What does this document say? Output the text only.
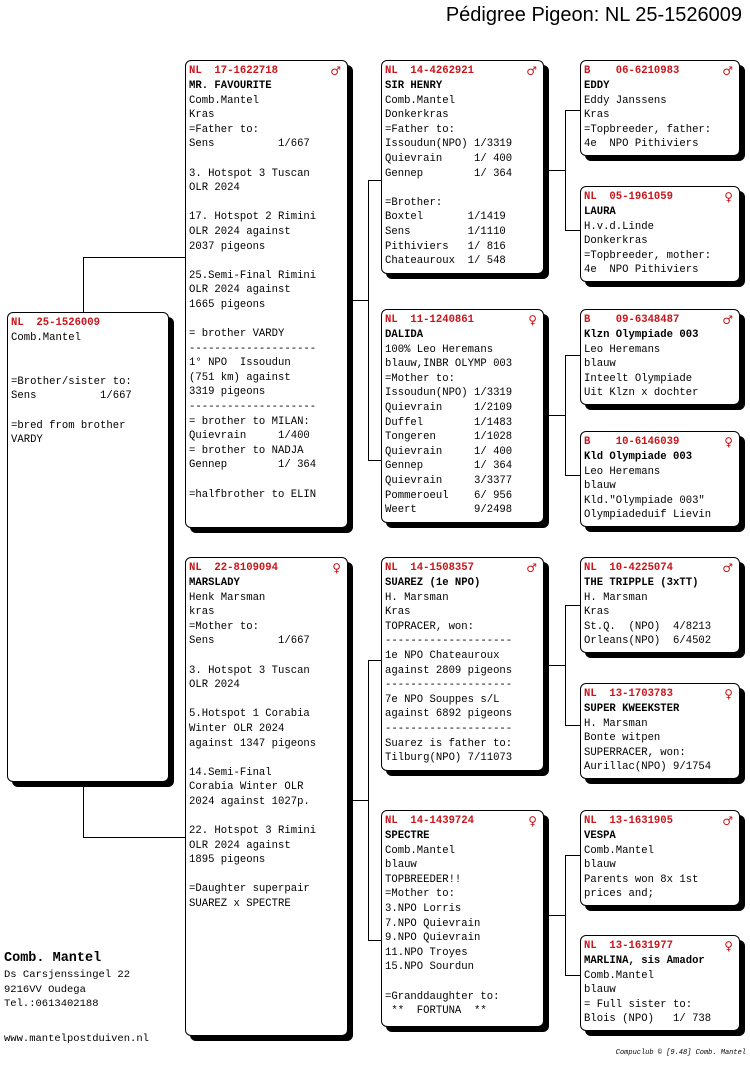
Pédigree Pigeon: NL 25-1526009
NL  25-1526009
Comb.Mantel
=Brother/sister to:
Sens          1/667
=bred from brother
VARDY
NL  17-1622718	♂
MR. FAVOURITE
Comb.Mantel
Kras
=Father to:
Sens          1/667
3. Hotspot 3 Tuscan
OLR 2024
17. Hotspot 2 Rimini
OLR 2024 against
2037 pigeons
25.Semi-Final Rimini
OLR 2024 against
1665 pigeons
= brother VARDY
--------------------
1° NPO  Issoudun
(751 km) against
3319 pigeons
--------------------
= brother to MILAN:
Quievrain     1/400
= brother to NADJA
Gennep        1/ 364
=halfbrother to ELIN
NL  22-8109094	♀
MARSLADY
Henk Marsman
kras
=Mother to:
Sens          1/667
3. Hotspot 3 Tuscan
OLR 2024
5.Hotspot 1 Corabia
Winter OLR 2024
against 1347 pigeons
14.Semi-Final
Corabia Winter OLR
2024 against 1027p.
22. Hotspot 3 Rimini
OLR 2024 against
1895 pigeons
=Daughter superpair
SUAREZ x SPECTRE
NL  14-4262921	♂
SIR HENRY
Comb.Mantel
Donkerkras
=Father to:
Issoudun(NPO) 1/3319
Quievrain     1/ 400
Gennep        1/ 364
=Brother:
Boxtel       1/1419
Sens         1/1110
Pithiviers   1/ 816
Chateauroux  1/ 548
NL  11-1240861	♀
DALIDA
100% Leo Heremans
blauw,INBR OLYMP 003
=Mother to:
Issoudun(NPO) 1/3319
Quievrain     1/2109
Duffel        1/1483
Tongeren      1/1028
Quievrain     1/ 400
Gennep        1/ 364
Quievrain     3/3377
Pommeroeul    6/ 956
Weert         9/2498
NL  14-1508357	♂
SUAREZ (1e NPO)
H. Marsman
Kras
TOPRACER, won:
--------------------
1e NPO Chateauroux
against 2809 pigeons
--------------------
7e NPO Souppes s/L
against 6892 pigeons
--------------------
Suarez is father to:
Tilburg(NPO) 7/11073
NL  14-1439724	♀
SPECTRE
Comb.Mantel
blauw
TOPBREEDER!!
=Mother to:
3.NPO Lorris
7.NPO Quievrain
9.NPO Quievrain
11.NPO Troyes
15.NPO Sourdun
=Granddaughter to:
**  FORTUNA  **
B    06-6210983	♂
EDDY
Eddy Janssens
Kras
=Topbreeder, father:
4e  NPO Pithiviers
NL  05-1961059	♀
LAURA
H.v.d.Linde
Donkerkras
=Topbreeder, mother:
4e  NPO Pithiviers
B    09-6348487	♂
Klzn Olympiade 003
Leo Heremans
blauw
Inteelt Olympiade
Uit Klzn x dochter
B    10-6146039	♀
Kld Olympiade 003
Leo Heremans
blauw
Kld."Olympiade 003"
Olympiadeduif Lievin
NL  10-4225074	♂
THE TRIPPLE (3xTT)
H. Marsman
Kras
St.Q.  (NPO)  4/8213
Orleans(NPO)  6/4502
NL  13-1703783	♀
SUPER KWEEKSTER
H. Marsman
Bonte witpen
SUPERRACER, won:
Aurillac(NPO) 9/1754
NL  13-1631905	♂
VESPA
Comb.Mantel
blauw
Parents won 8x 1st
prices and;
NL  13-1631977	♀
MARLINA, sis Amador
Comb.Mantel
blauw
= Full sister to:
Blois (NPO)   1/ 738
Comb. Mantel
Ds Carsjenssingel 22
9216VV Oudega
Tel.:0613402188
www.mantelpostduiven.nl
Compuclub © [9.48] Comb. Mantel
